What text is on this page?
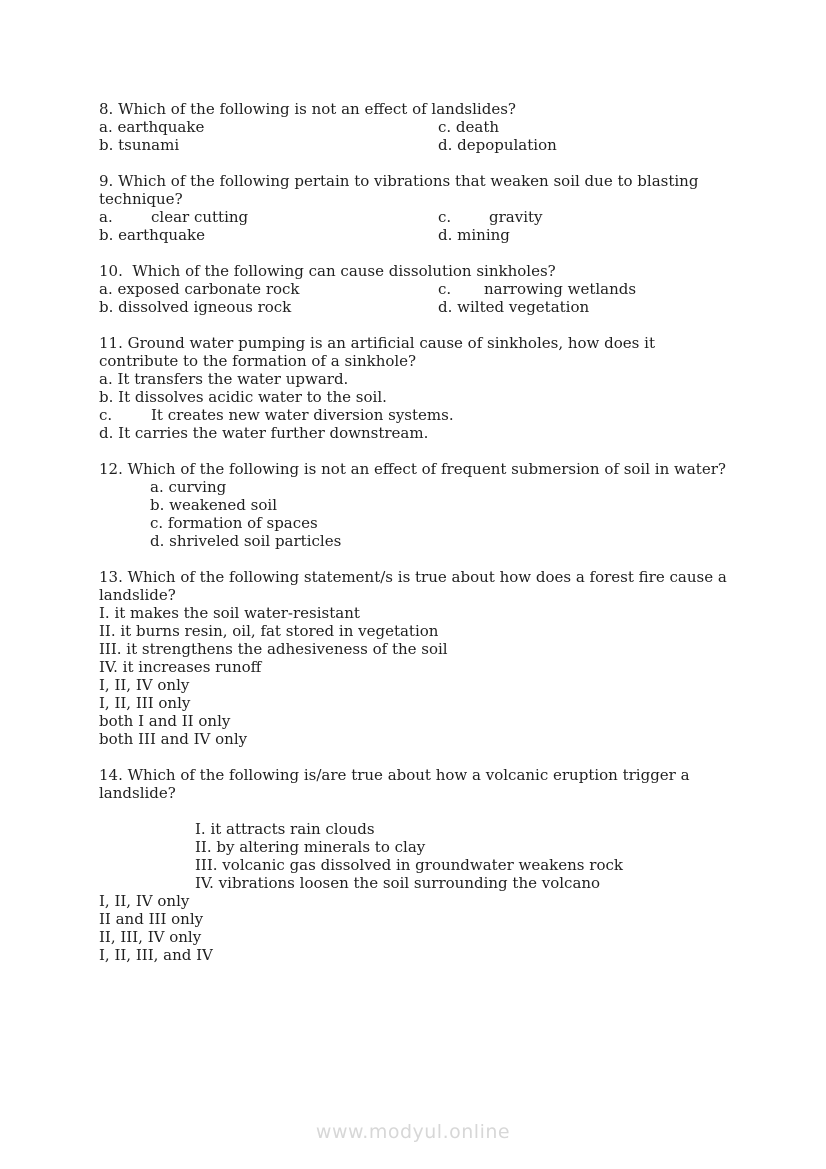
8. Which of the following is not an effect of landslides?
a. earthquake	c. death
b. tsunami	d. depopulation
9. Which of the following pertain to vibrations that weaken soil due to blasting
technique?
a.	clear cutting	c.	gravity
b. earthquake	d. mining
10.  Which of the following can cause dissolution sinkholes?
a. exposed carbonate rock	c. narrowing wetlands
b. dissolved igneous rock	d. wilted vegetation
11. Ground water pumping is an artificial cause of sinkholes, how does it
contribute to the formation of a sinkhole?
a. It transfers the water upward.
b. It dissolves acidic water to the soil.
c.	It creates new water diversion systems.
d. It carries the water further downstream.
12. Which of the following is not an effect of frequent submersion of soil in water?
a. curving
b. weakened soil
c. formation of spaces
d. shriveled soil particles
13. Which of the following statement/s is true about how does a forest fire cause a
landslide?
I. it makes the soil water-resistant
II. it burns resin, oil, fat stored in vegetation
III. it strengthens the adhesiveness of the soil
IV. it increases runoff
I, II, IV only
I, II, III only
both I and II only
both III and IV only
14. Which of the following is/are true about how a volcanic eruption trigger a
landslide?
I. it attracts rain clouds
II. by altering minerals to clay
III. volcanic gas dissolved in groundwater weakens rock
IV. vibrations loosen the soil surrounding the volcano
I, II, IV only
II and III only
II, III, IV only
I, II, III, and IV
www.modyul.online
